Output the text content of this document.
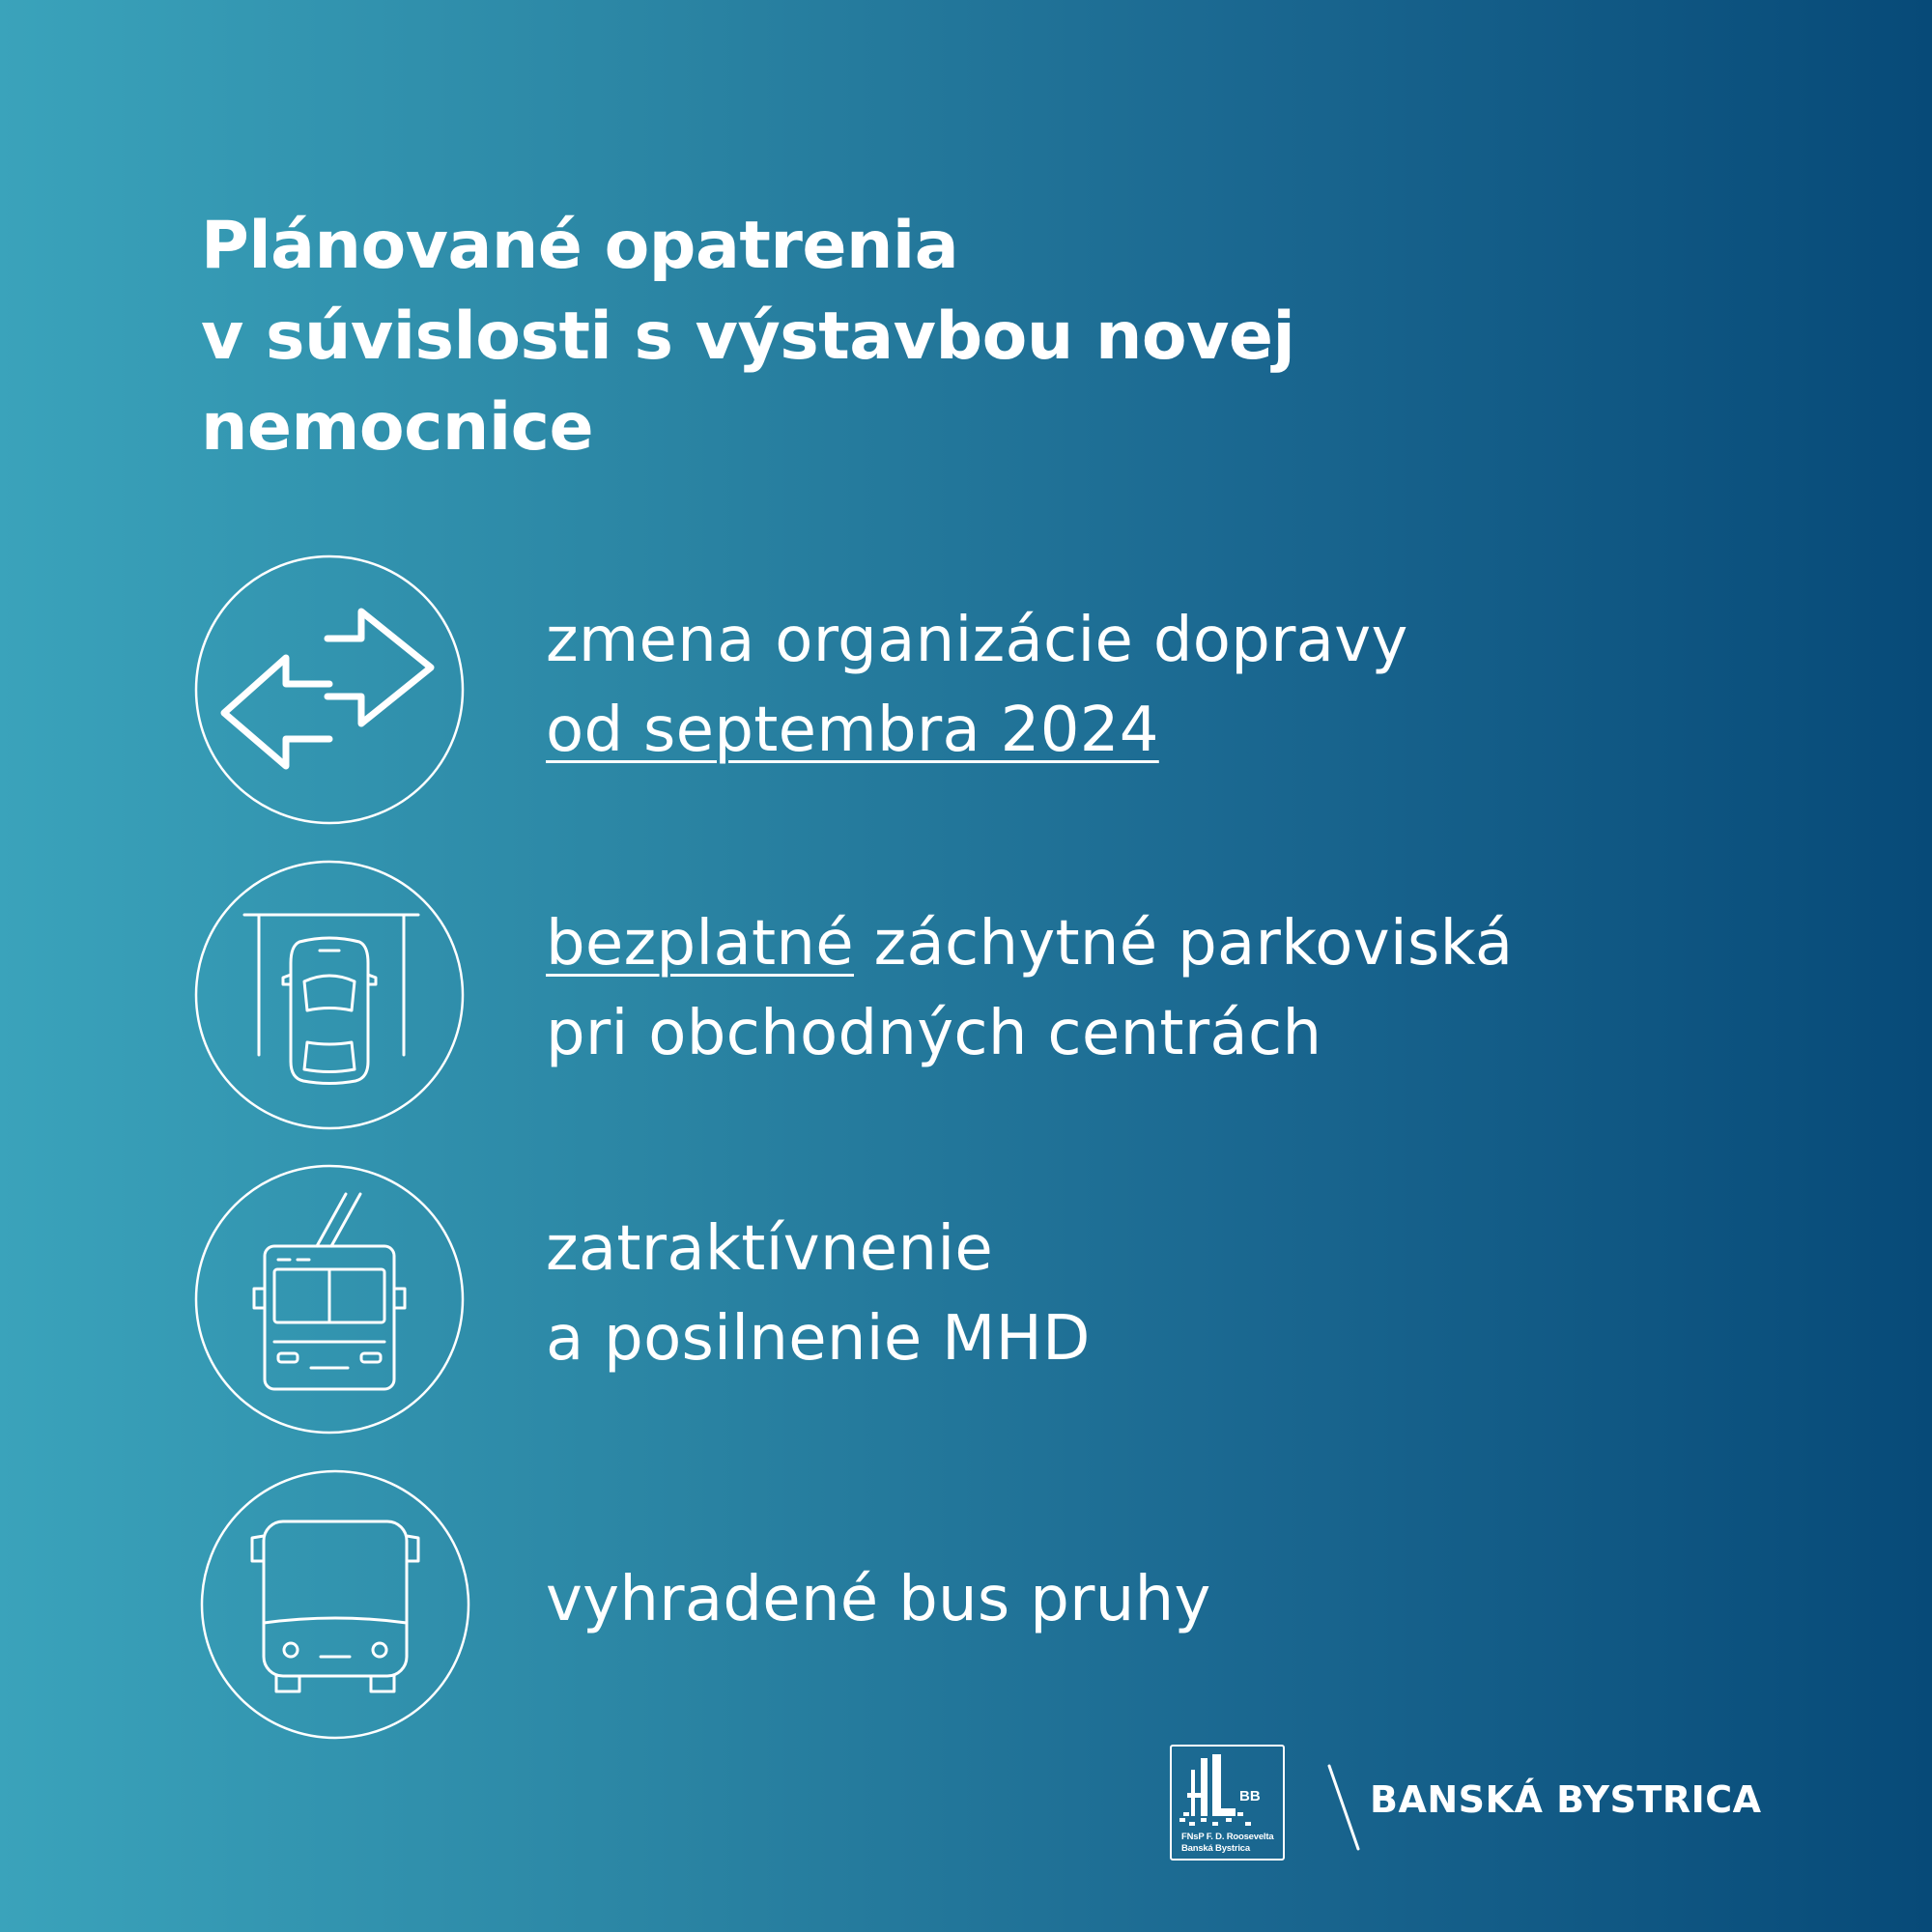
Plánované opatrenia
v súvislosti s výstavbou novej
nemocnice
zmena organizácie dopravy
od septembra 2024
bezplatné záchytné parkoviská
pri obchodných centrách
zatraktívnenie
a posilnenie MHD
vyhradené bus pruhy
BB
FNsP F. D. Roosevelta
Banská Bystrica
BANSKÁ BYSTRICA
